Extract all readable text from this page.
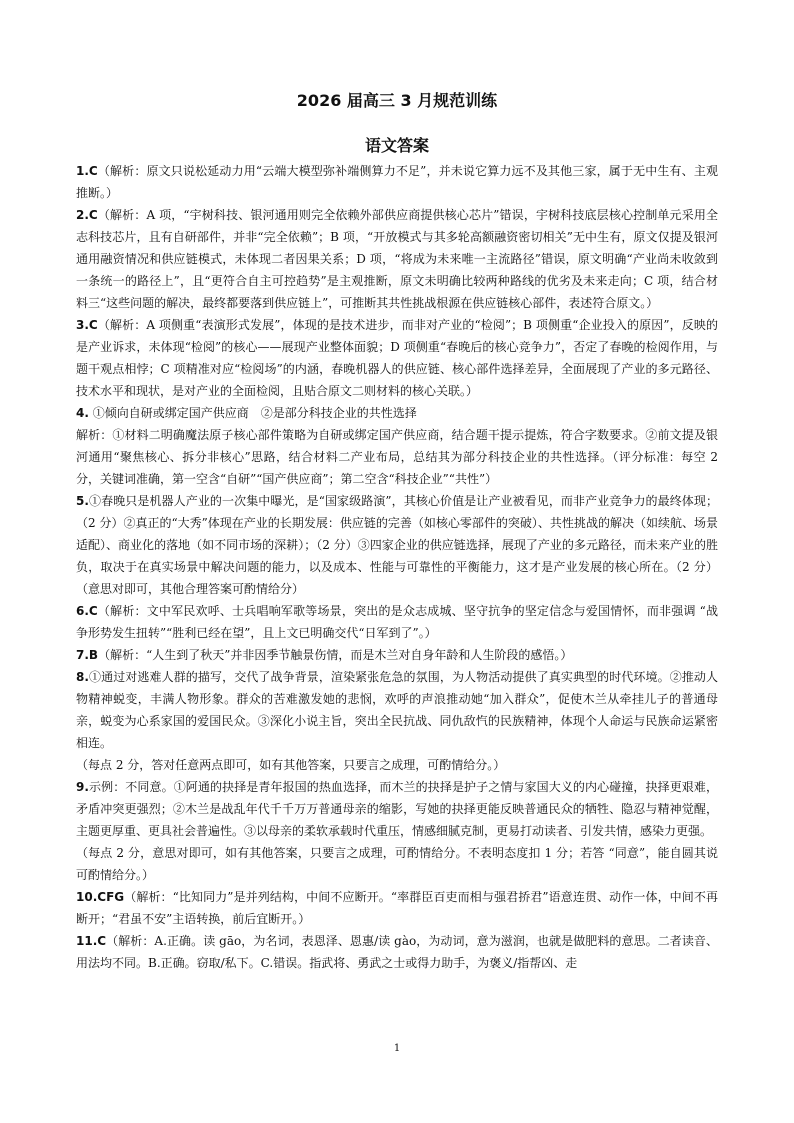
2026 届高三 3 月规范训练
语文答案

1.C（解析：原文只说松延动力用“云端大模型弥补端侧算力不足”，并未说它算力远不及其他三家，属于无中生有、主观推断。）

2.C（解析：A 项，“宇树科技、银河通用则完全依赖外部供应商提供核心芯片”错误，宇树科技底层核心控制单元采用全志科技芯片，且有自研部件，并非“完全依赖”；B 项，“开放模式与其多轮高额融资密切相关”无中生有，原文仅提及银河通用融资情况和供应链模式，未体现二者因果关系；D 项，“将成为未来唯一主流路径”错误，原文明确“产业尚未收敛到一条统一的路径上”，且“更符合自主可控趋势”是主观推断，原文未明确比较两种路线的优劣及未来走向；C 项，结合材料三“这些问题的解决，最终都要落到供应链上”，可推断其共性挑战根源在供应链核心部件，表述符合原文。）

3.C（解析：A 项侧重“表演形式发展”，体现的是技术进步，而非对产业的“检阅”；B 项侧重“企业投入的原因”，反映的是产业诉求，未体现“检阅”的核心——展现产业整体面貌；D 项侧重“春晚后的核心竞争力”，否定了春晚的检阅作用，与题干观点相悖；C 项精准对应“检阅场”的内涵，春晚机器人的供应链、核心部件选择差异，全面展现了产业的多元路径、技术水平和现状，是对产业的全面检阅，且贴合原文二则材料的核心关联。）

4. ①倾向自研或绑定国产供应商　②是部分科技企业的共性选择

解析：①材料二明确魔法原子核心部件策略为自研或绑定国产供应商，结合题干提示提炼，符合字数要求。②前文提及银河通用“聚焦核心、拆分非核心”思路，结合材料二产业布局，总结其为部分科技企业的共性选择。（评分标准：每空 2 分，关键词准确，第一空含“自研”“国产供应商”；第二空含“科技企业”“共性”）

5.①春晚只是机器人产业的一次集中曝光，是“国家级路演”，其核心价值是让产业被看见，而非产业竞争力的最终体现；（2 分）②真正的“大秀”体现在产业的长期发展：供应链的完善（如核心零部件的突破）、共性挑战的解决（如续航、场景适配）、商业化的落地（如不同市场的深耕）；（2 分）③四家企业的供应链选择，展现了产业的多元路径，而未来产业的胜负，取决于在真实场景中解决问题的能力，以及成本、性能与可靠性的平衡能力，这才是产业发展的核心所在。（2 分）（意思对即可，其他合理答案可酌情给分）

6.C（解析：文中军民欢呼、士兵唱响军歌等场景，突出的是众志成城、坚守抗争的坚定信念与爱国情怀，而非强调 “战争形势发生扭转”“胜利已经在望”，且上文已明确交代“日军到了”。）

7.B（解析：“人生到了秋天”并非因季节触景伤情，而是木兰对自身年龄和人生阶段的感悟。）

8.①通过对逃难人群的描写，交代了战争背景，渲染紧张危急的氛围，为人物活动提供了真实典型的时代环境。②推动人物精神蜕变，丰满人物形象。群众的苦难激发她的悲悯，欢呼的声浪推动她“加入群众”，促使木兰从牵挂儿子的普通母亲，蜕变为心系家国的爱国民众。③深化小说主旨，突出全民抗战、同仇敌忾的民族精神，体现个人命运与民族命运紧密相连。

（每点 2 分，答对任意两点即可，如有其他答案，只要言之成理，可酌情给分。）

9.示例：不同意。①阿通的抉择是青年报国的热血选择，而木兰的抉择是护子之情与家国大义的内心碰撞，抉择更艰难，矛盾冲突更强烈；②木兰是战乱年代千千万万普通母亲的缩影，写她的抉择更能反映普通民众的牺牲、隐忍与精神觉醒，主题更厚重、更具社会普遍性。③以母亲的柔软承载时代重压，情感细腻克制，更易打动读者、引发共情，感染力更强。

（每点 2 分，意思对即可，如有其他答案，只要言之成理，可酌情给分。不表明态度扣 1 分；若答 “同意”，能自圆其说可酌情给分。）

10.CFG（解析：“比知同力”是并列结构，中间不应断开。“率群臣百吏而相与强君挢君”语意连贯、动作一体，中间不再断开；“君虽不安”主语转换，前后宜断开。）

11.C（解析：A.正确。读 gāo，为名词，表恩泽、恩惠/读 gào，为动词，意为滋润，也就是做肥料的意思。二者读音、用法均不同。B.正确。窃取/私下。C.错误。指武将、勇武之士或得力助手，为褒义/指帮凶、走

1
